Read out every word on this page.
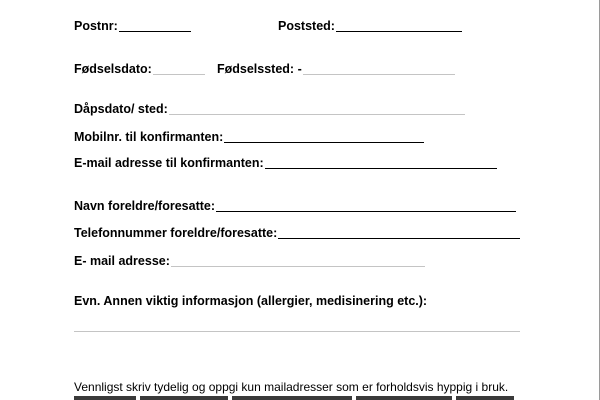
Postnr:	Poststed:
Fødselsdato:	Fødselssted: -
Dåpsdato/ sted:
Mobilnr. til konfirmanten:
E-mail adresse til konfirmanten:
Navn foreldre/foresatte:
Telefonnummer foreldre/foresatte:
E- mail adresse:
Evn. Annen viktig informasjon (allergier, medisinering etc.):
Vennligst skriv tydelig og oppgi kun mailadresser som er forholdsvis hyppig i bruk.
